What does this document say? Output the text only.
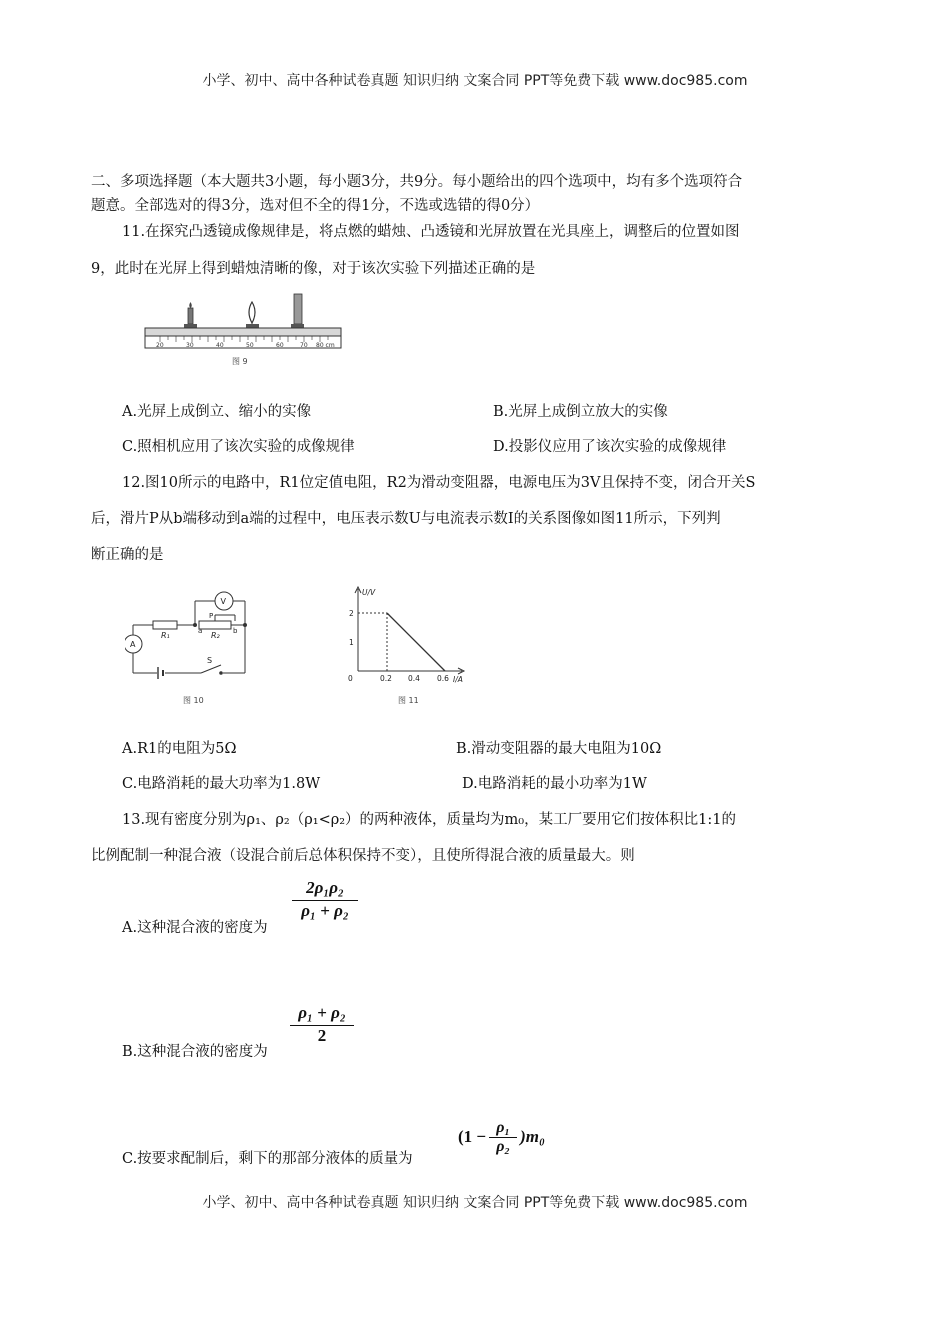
小学、初中、高中各种试卷真题 知识归纳 文案合同 PPT等免费下载 www.doc985.com
二、多项选择题（本大题共3小题，每小题3分，共9分。每小题给出的四个选项中，均有多个选项符合
题意。全部选对的得3分，选对但不全的得1分，不选或选错的得0分）
11.在探究凸透镜成像规律是，将点燃的蜡烛、凸透镜和光屏放置在光具座上，调整后的位置如图
9，此时在光屏上得到蜡烛清晰的像，对于该次实验下列描述正确的是
20	30	40	50	60	70 80 cm
图 9
A.光屏上成倒立、缩小的实像	B.光屏上成倒立放大的实像
C.照相机应用了该次实验的成像规律	D.投影仪应用了该次实验的成像规律
12.图10所示的电路中，R1位定值电阻，R2为滑动变阻器，电源电压为3V且保持不变，闭合开关S
后，滑片P从b端移动到a端的过程中，电压表示数U与电流表示数I的关系图像如图11所示，下列判
断正确的是
V
A
R₁	R₂
P
a	b
S
图 10
U/V
I/A
0
2
1
0.2 0.4 0.6
图 11
A.R1的电阻为5Ω	B.滑动变阻器的最大电阻为10Ω
C.电路消耗的最大功率为1.8W	D.电路消耗的最小功率为1W
13.现有密度分别为ρ₁、ρ₂（ρ₁<ρ₂）的两种液体，质量均为m₀，某工厂要用它们按体积比1:1的
比例配制一种混合液（设混合前后总体积保持不变），且使所得混合液的质量最大。则
A.这种混合液的密度为
$\frac{\text{2ρ₁ρ₂}}{\text{ρ₁ + ρ₂}}$
B.这种混合液的密度为
$\frac{\text{ρ₁ + ρ₂}}{2}$
C.按要求配制后，剩下的那部分液体的质量为
$(1 - \frac{\text{ρ₁}}{\text{ρ₂}} )m_0$
小学、初中、高中各种试卷真题 知识归纳 文案合同 PPT等免费下载 www.doc985.com
